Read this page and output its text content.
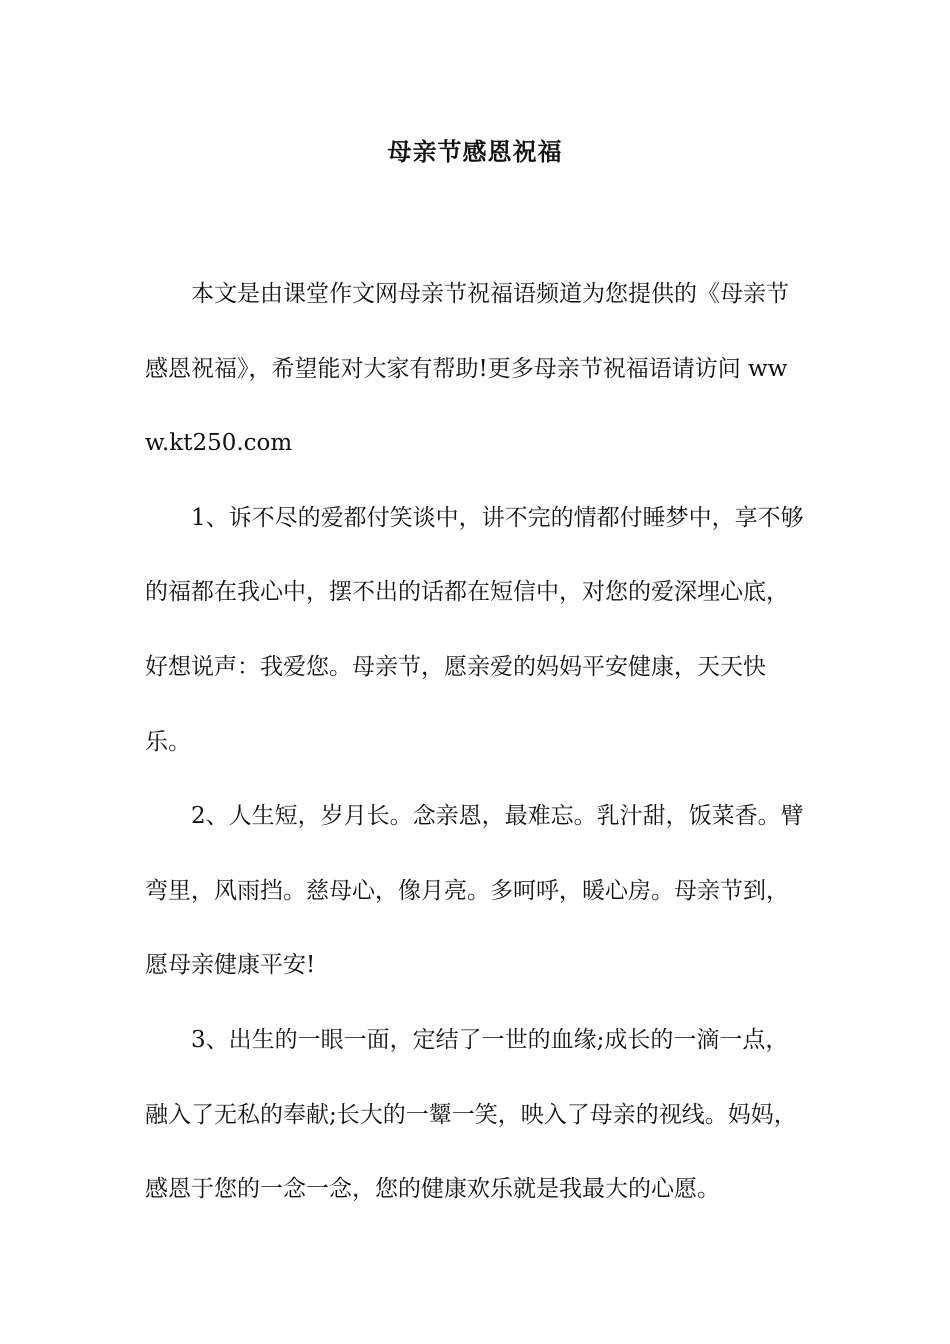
母亲节感恩祝福

本文是由课堂作文网母亲节祝福语频道为您提供的《母亲节感恩祝福》，希望能对大家有帮助!更多母亲节祝福语请访问 www.kt250.com

1、诉不尽的爱都付笑谈中，讲不完的情都付睡梦中，享不够的福都在我心中，摆不出的话都在短信中，对您的爱深埋心底，好想说声：我爱您。母亲节，愿亲爱的妈妈平安健康，天天快乐。

2、人生短，岁月长。念亲恩，最难忘。乳汁甜，饭菜香。臂弯里，风雨挡。慈母心，像月亮。多呵呼，暖心房。母亲节到，愿母亲健康平安!

3、出生的一眼一面，定结了一世的血缘;成长的一滴一点，融入了无私的奉献;长大的一颦一笑，映入了母亲的视线。妈妈，感恩于您的一念一念，您的健康欢乐就是我最大的心愿。
